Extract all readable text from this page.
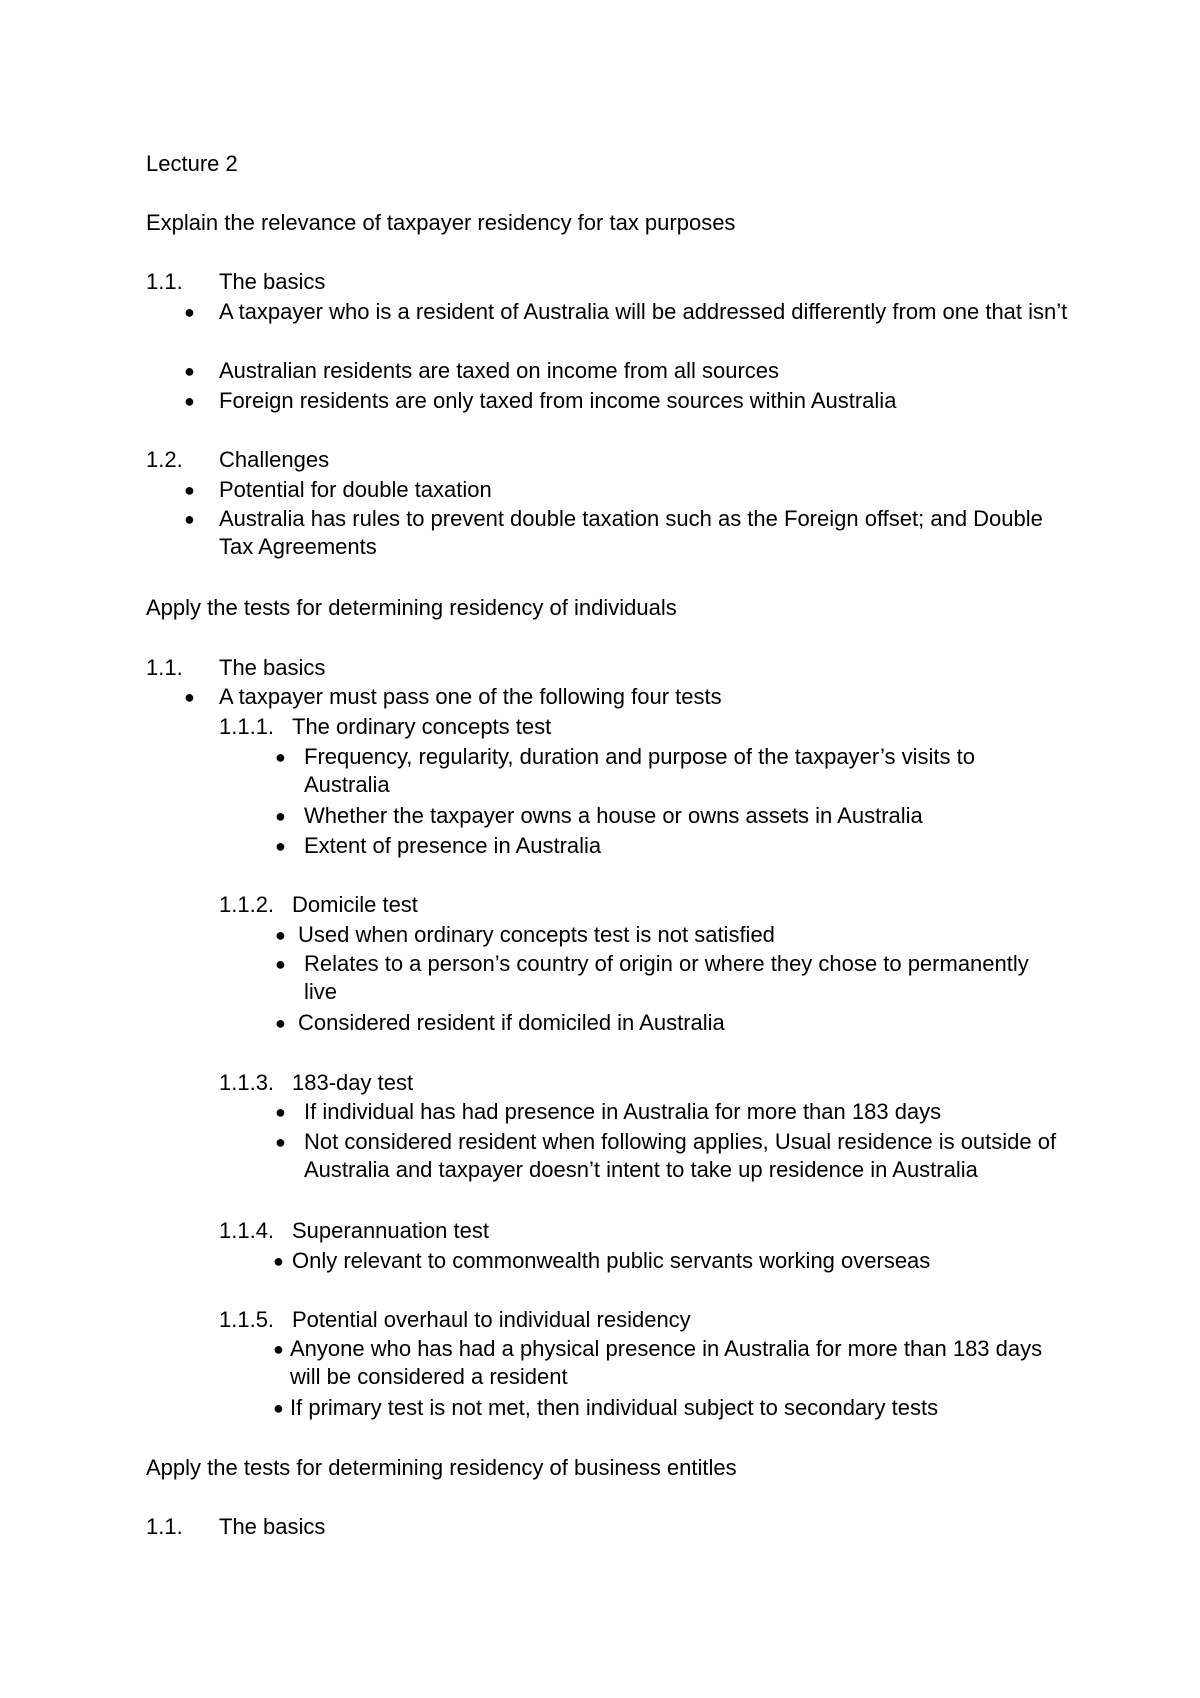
Lecture 2
Explain the relevance of taxpayer residency for tax purposes
1.1. The basics
● A taxpayer who is a resident of Australia will be addressed differently from one that isn’t
● Australian residents are taxed on income from all sources
● Foreign residents are only taxed from income sources within Australia
1.2. Challenges
● Potential for double taxation
● Australia has rules to prevent double taxation such as the Foreign offset; and Double Tax Agreements
Apply the tests for determining residency of individuals
1.1. The basics
● A taxpayer must pass one of the following four tests
1.1.1. The ordinary concepts test
● Frequency, regularity, duration and purpose of the taxpayer’s visits to Australia
● Whether the taxpayer owns a house or owns assets in Australia
● Extent of presence in Australia
1.1.2. Domicile test
● Used when ordinary concepts test is not satisfied
● Relates to a person’s country of origin or where they chose to permanently live
● Considered resident if domiciled in Australia
1.1.3. 183-day test
● If individual has had presence in Australia for more than 183 days
● Not considered resident when following applies, Usual residence is outside of Australia and taxpayer doesn’t intent to take up residence in Australia
1.1.4. Superannuation test
● Only relevant to commonwealth public servants working overseas
1.1.5. Potential overhaul to individual residency
● Anyone who has had a physical presence in Australia for more than 183 days will be considered a resident
● If primary test is not met, then individual subject to secondary tests
Apply the tests for determining residency of business entitles
1.1. The basics
